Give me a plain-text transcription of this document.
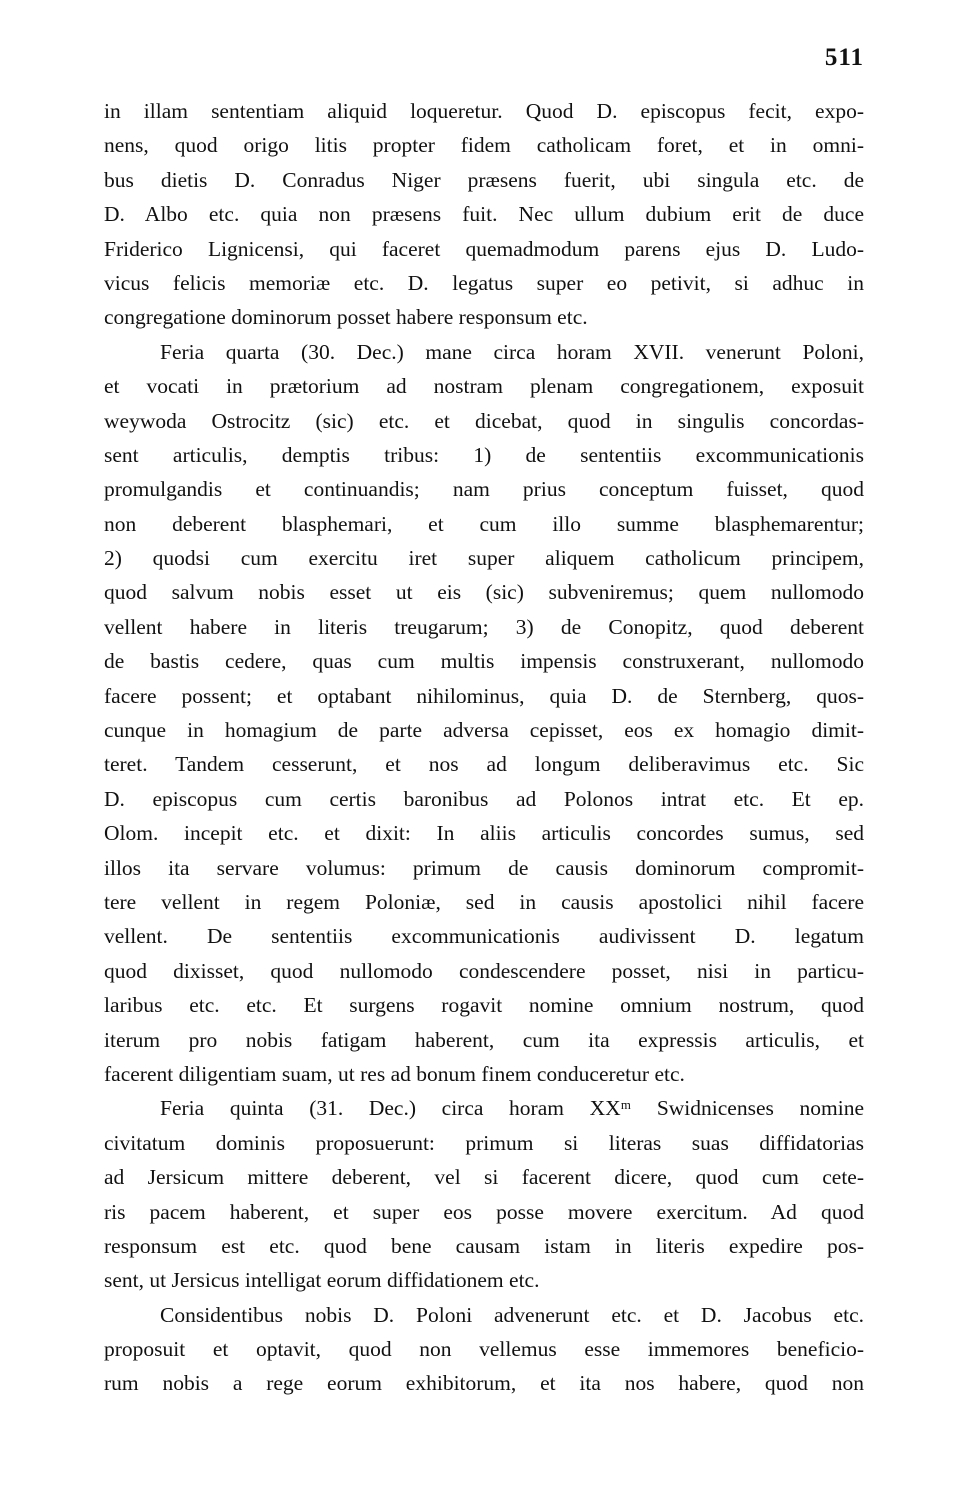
511
in illam sententiam aliquid loqueretur. Quod D. episcopus fecit, expo-
nens, quod origo litis propter fidem catholicam foret, et in omni-
bus dietis D. Conradus Niger præsens fuerit, ubi singula etc. de
D. Albo etc. quia non præsens fuit. Nec ullum dubium erit de duce
Friderico Lignicensi, qui faceret quemadmodum parens ejus D. Ludo-
vicus felicis memoriæ etc. D. legatus super eo petivit, si adhuc in
congregatione dominorum posset habere responsum etc.
Feria quarta (30. Dec.) mane circa horam XVII. venerunt Poloni,
et vocati in prætorium ad nostram plenam congregationem, exposuit
weywoda Ostrocitz (sic) etc. et dicebat, quod in singulis concordas-
sent articulis, demptis tribus: 1) de sententiis excommunicationis
promulgandis et continuandis; nam prius conceptum fuisset, quod
non deberent blasphemari, et cum illo summe blasphemarentur;
2) quodsi cum exercitu iret super aliquem catholicum principem,
quod salvum nobis esset ut eis (sic) subveniremus; quem nullomodo
vellent habere in literis treugarum; 3) de Conopitz, quod deberent
de bastis cedere, quas cum multis impensis construxerant, nullomodo
facere possent; et optabant nihilominus, quia D. de Sternberg, quos-
cunque in homagium de parte adversa cepisset, eos ex homagio dimit-
teret. Tandem cesserunt, et nos ad longum deliberavimus etc. Sic
D. episcopus cum certis baronibus ad Polonos intrat etc. Et ep.
Olom. incepit etc. et dixit: In aliis articulis concordes sumus, sed
illos ita servare volumus: primum de causis dominorum compromit-
tere vellent in regem Poloniæ, sed in causis apostolici nihil facere
vellent. De sententiis excommunicationis audivissent D. legatum
quod dixisset, quod nullomodo condescendere posset, nisi in particu-
laribus etc. etc. Et surgens rogavit nomine omnium nostrum, quod
iterum pro nobis fatigam haberent, cum ita expressis articulis, et
facerent diligentiam suam, ut res ad bonum finem conduceretur etc.
Feria quinta (31. Dec.) circa horam XXᵐ Swidnicenses nomine
civitatum dominis proposuerunt: primum si literas suas diffidatorias
ad Jersicum mittere deberent, vel si facerent dicere, quod cum cete-
ris pacem haberent, et super eos posse movere exercitum. Ad quod
responsum est etc. quod bene causam istam in literis expedire pos-
sent, ut Jersicus intelligat eorum diffidationem etc.
Considentibus nobis D. Poloni advenerunt etc. et D. Jacobus etc.
proposuit et optavit, quod non vellemus esse immemores beneficio-
rum nobis a rege eorum exhibitorum, et ita nos habere, quod non
